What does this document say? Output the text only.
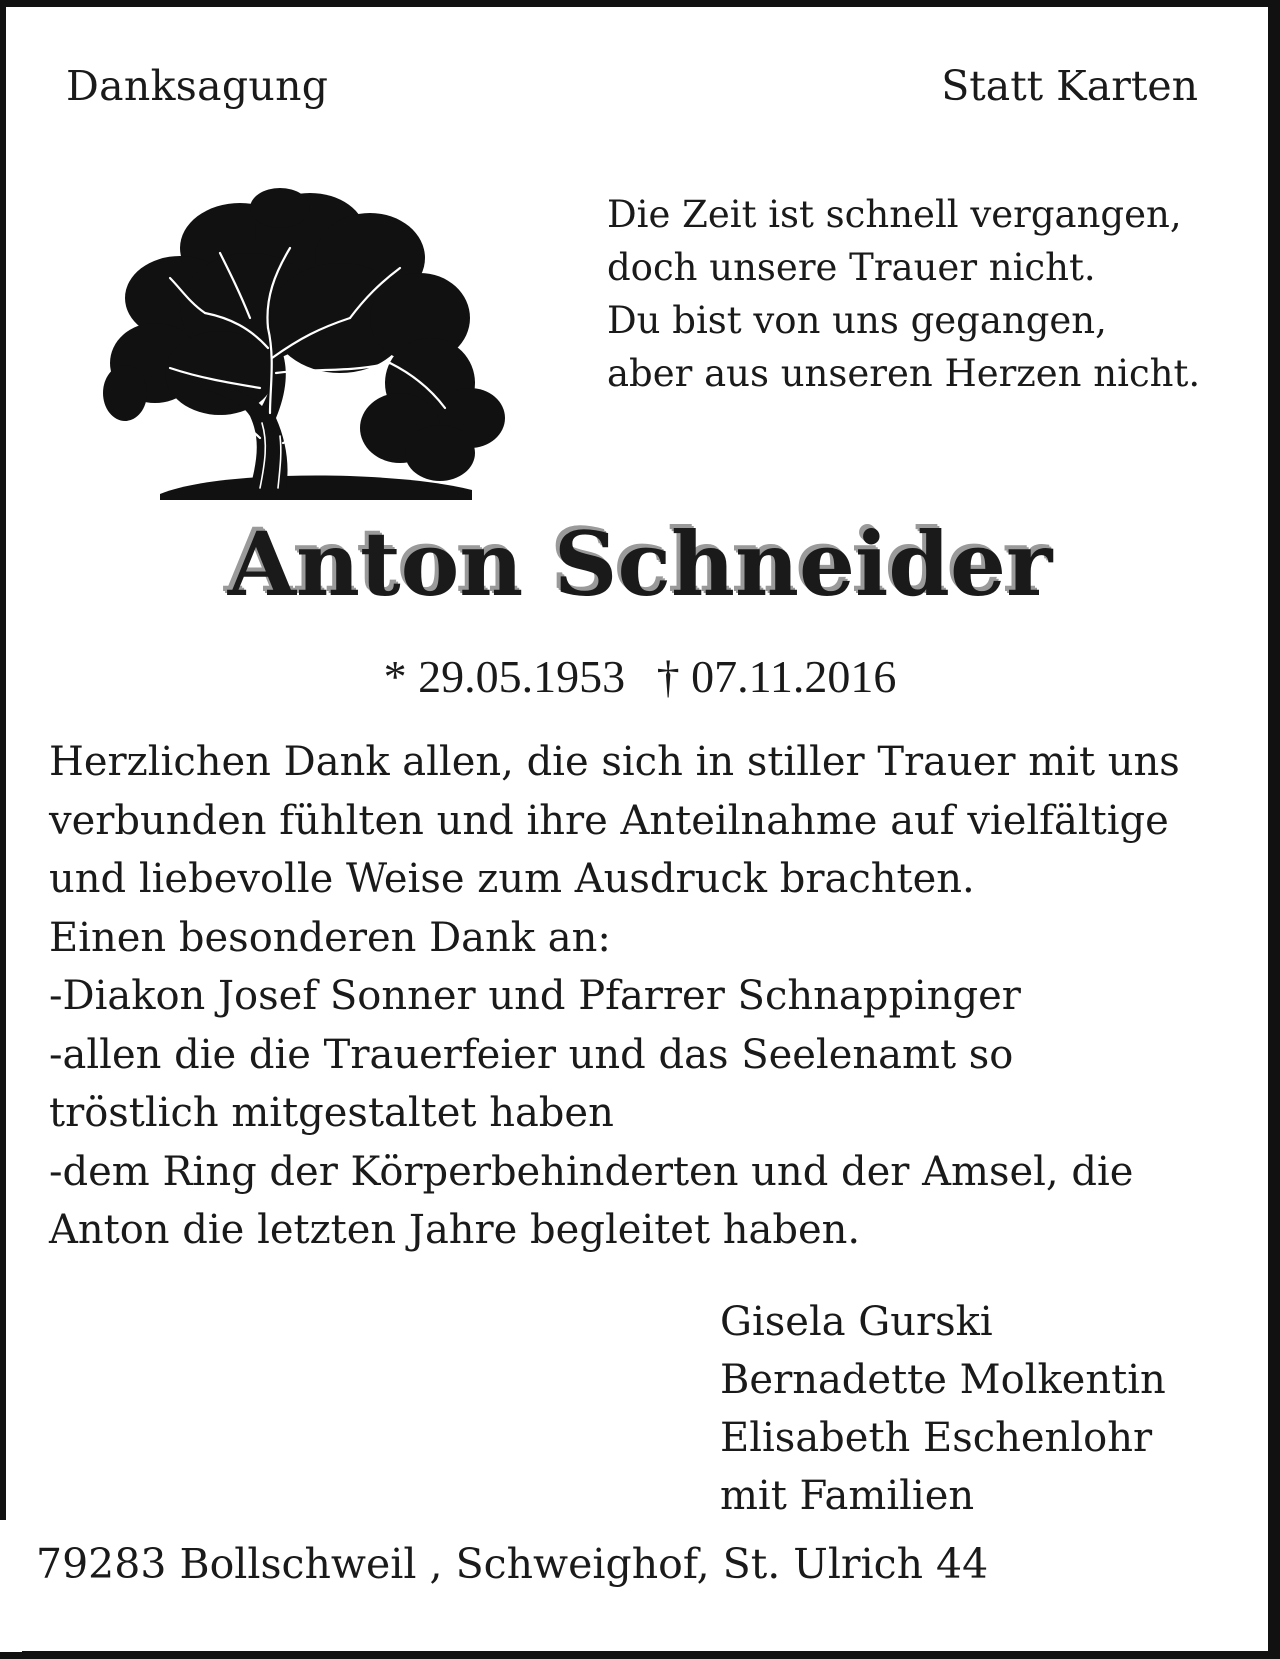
Danksagung	Statt Karten
Die Zeit ist schnell vergangen,
doch unsere Trauer nicht.
Du bist von uns gegangen,
aber aus unseren Herzen nicht.
Anton Schneider
* 29.05.1953 † 07.11.2016
Herzlichen Dank allen, die sich in stiller Trauer mit uns
verbunden fühlten und ihre Anteilnahme auf vielfältige
und liebevolle Weise zum Ausdruck brachten.
Einen besonderen Dank an:
-Diakon Josef Sonner und Pfarrer Schnappinger
-allen die die Trauerfeier und das Seelenamt so
tröstlich mitgestaltet haben
-dem Ring der Körperbehinderten und der Amsel, die
Anton die letzten Jahre begleitet haben.
Gisela Gurski
Bernadette Molkentin
Elisabeth Eschenlohr
mit Familien
79283 Bollschweil , Schweighof, St. Ulrich 44
